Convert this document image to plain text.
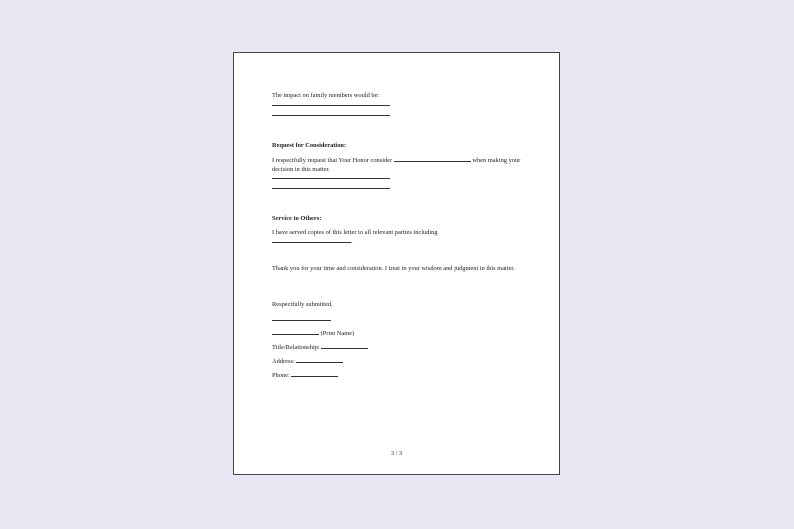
The impact on family members would be:
Request for Consideration:
I respectfully request that Your Honor consider	when making your decision in this matter.
Service to Others:
I have served copies of this letter to all relevant parties including
.
Thank you for your time and consideration. I trust in your wisdom and judgment in this matter.
Respectfully submitted,
(Print Name)
Title/Relationship:
Address:
Phone:
3 / 3
